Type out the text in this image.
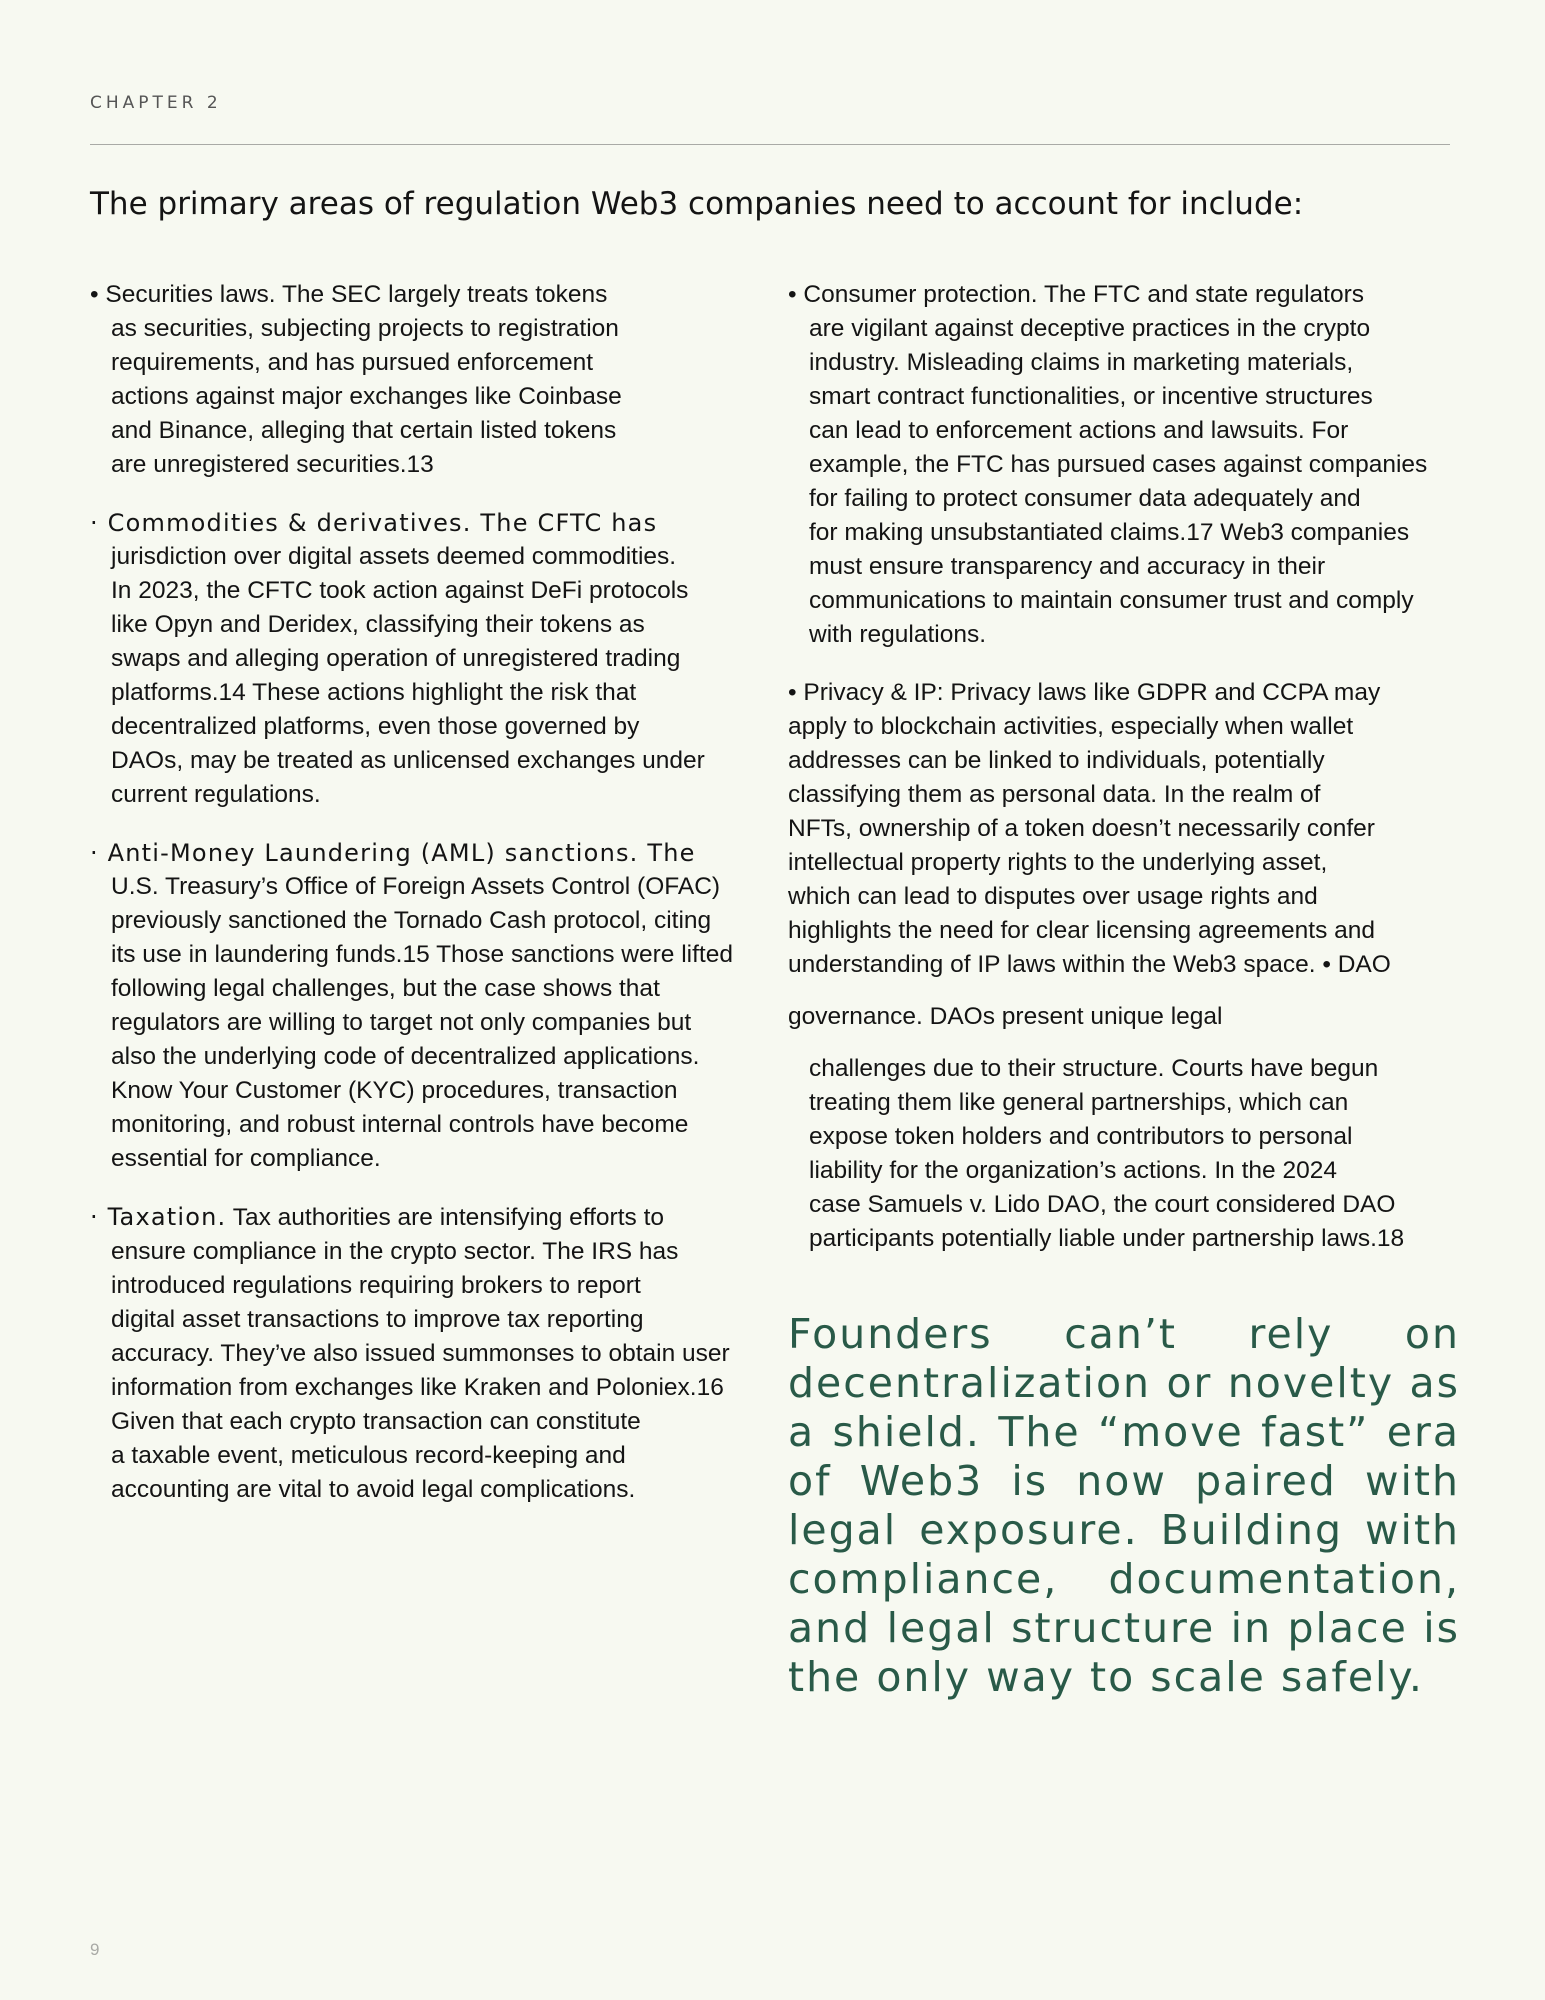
CHAPTER 2
The primary areas of regulation Web3 companies need to account for include:
• Securities laws. The SEC largely treats tokens
as securities, subjecting projects to registration
requirements, and has pursued enforcement
actions against major exchanges like Coinbase
and Binance, alleging that certain listed tokens
are unregistered securities.13
· Commodities & derivatives. The CFTC has
jurisdiction over digital assets deemed commodities.
In 2023, the CFTC took action against DeFi protocols
like Opyn and Deridex, classifying their tokens as
swaps and alleging operation of unregistered trading
platforms.14 These actions highlight the risk that
decentralized platforms, even those governed by
DAOs, may be treated as unlicensed exchanges under
current regulations.
· Anti-Money Laundering (AML) sanctions. The
U.S. Treasury’s Office of Foreign Assets Control (OFAC)
previously sanctioned the Tornado Cash protocol, citing
its use in laundering funds.15 Those sanctions were lifted
following legal challenges, but the case shows that
regulators are willing to target not only companies but
also the underlying code of decentralized applications.
Know Your Customer (KYC) procedures, transaction
monitoring, and robust internal controls have become
essential for compliance.
· Taxation. Tax authorities are intensifying efforts to
ensure compliance in the crypto sector. The IRS has
introduced regulations requiring brokers to report
digital asset transactions to improve tax reporting
accuracy. They’ve also issued summonses to obtain user
information from exchanges like Kraken and Poloniex.16
Given that each crypto transaction can constitute
a taxable event, meticulous record-keeping and
accounting are vital to avoid legal complications.
• Consumer protection. The FTC and state regulators
are vigilant against deceptive practices in the crypto
industry. Misleading claims in marketing materials,
smart contract functionalities, or incentive structures
can lead to enforcement actions and lawsuits. For
example, the FTC has pursued cases against companies
for failing to protect consumer data adequately and
for making unsubstantiated claims.17 Web3 companies
must ensure transparency and accuracy in their
communications to maintain consumer trust and comply
with regulations.
• Privacy & IP: Privacy laws like GDPR and CCPA may
apply to blockchain activities, especially when wallet
addresses can be linked to individuals, potentially
classifying them as personal data. In the realm of
NFTs, ownership of a token doesn’t necessarily confer
intellectual property rights to the underlying asset,
which can lead to disputes over usage rights and
highlights the need for clear licensing agreements and
understanding of IP laws within the Web3 space. • DAO
governance. DAOs present unique legal
challenges due to their structure. Courts have begun
treating them like general partnerships, which can
expose token holders and contributors to personal
liability for the organization’s actions. In the 2024
case Samuels v. Lido DAO, the court considered DAO
participants potentially liable under partnership laws.18
Founders can’t rely on
decentralization or novelty as
a shield. The “move fast” era
of Web3 is now paired with
legal exposure. Building with
compliance, documentation,
and legal structure in place is
the only way to scale safely.
9
